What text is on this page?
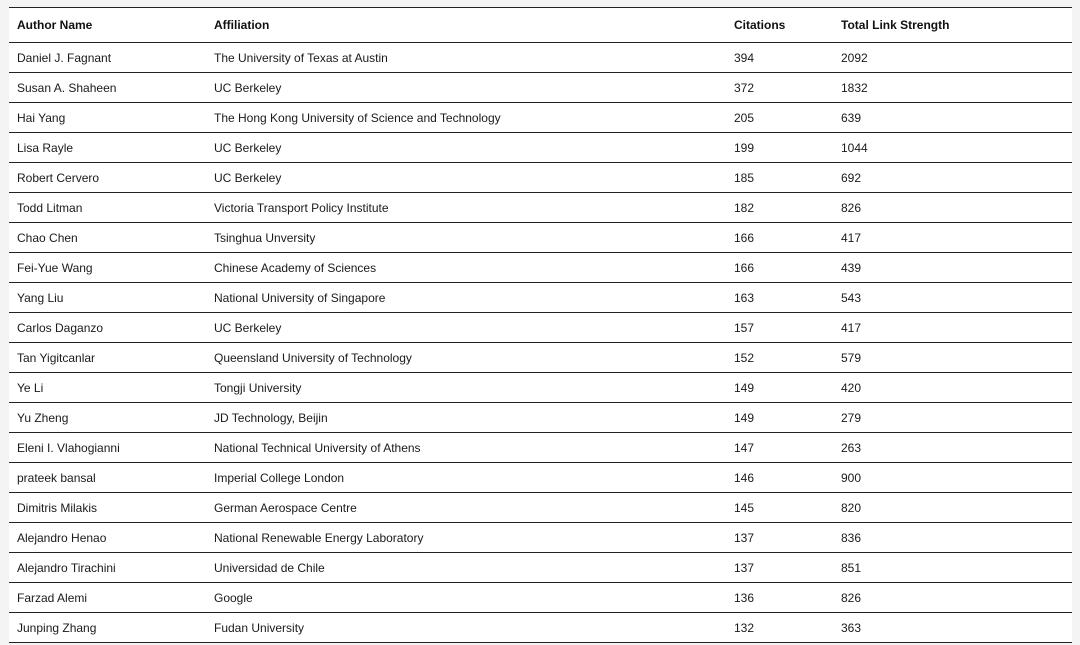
Author Name	Affiliation	Citations	Total Link Strength
Daniel J. Fagnant	The University of Texas at Austin	394	2092
Susan A. Shaheen	UC Berkeley	372	1832
Hai Yang	The Hong Kong University of Science and Technology	205	639
Lisa Rayle	UC Berkeley	199	1044
Robert Cervero	UC Berkeley	185	692
Todd Litman	Victoria Transport Policy Institute	182	826
Chao Chen	Tsinghua Unversity	166	417
Fei-Yue Wang	Chinese Academy of Sciences	166	439
Yang Liu	National University of Singapore	163	543
Carlos Daganzo	UC Berkeley	157	417
Tan Yigitcanlar	Queensland University of Technology	152	579
Ye Li	Tongji University	149	420
Yu Zheng	JD Technology, Beijin	149	279
Eleni I. Vlahogianni	National Technical University of Athens	147	263
prateek bansal	Imperial College London	146	900
Dimitris Milakis	German Aerospace Centre	145	820
Alejandro Henao	National Renewable Energy Laboratory	137	836
Alejandro Tirachini	Universidad de Chile	137	851
Farzad Alemi	Google	136	826
Junping Zhang	Fudan University	132	363
